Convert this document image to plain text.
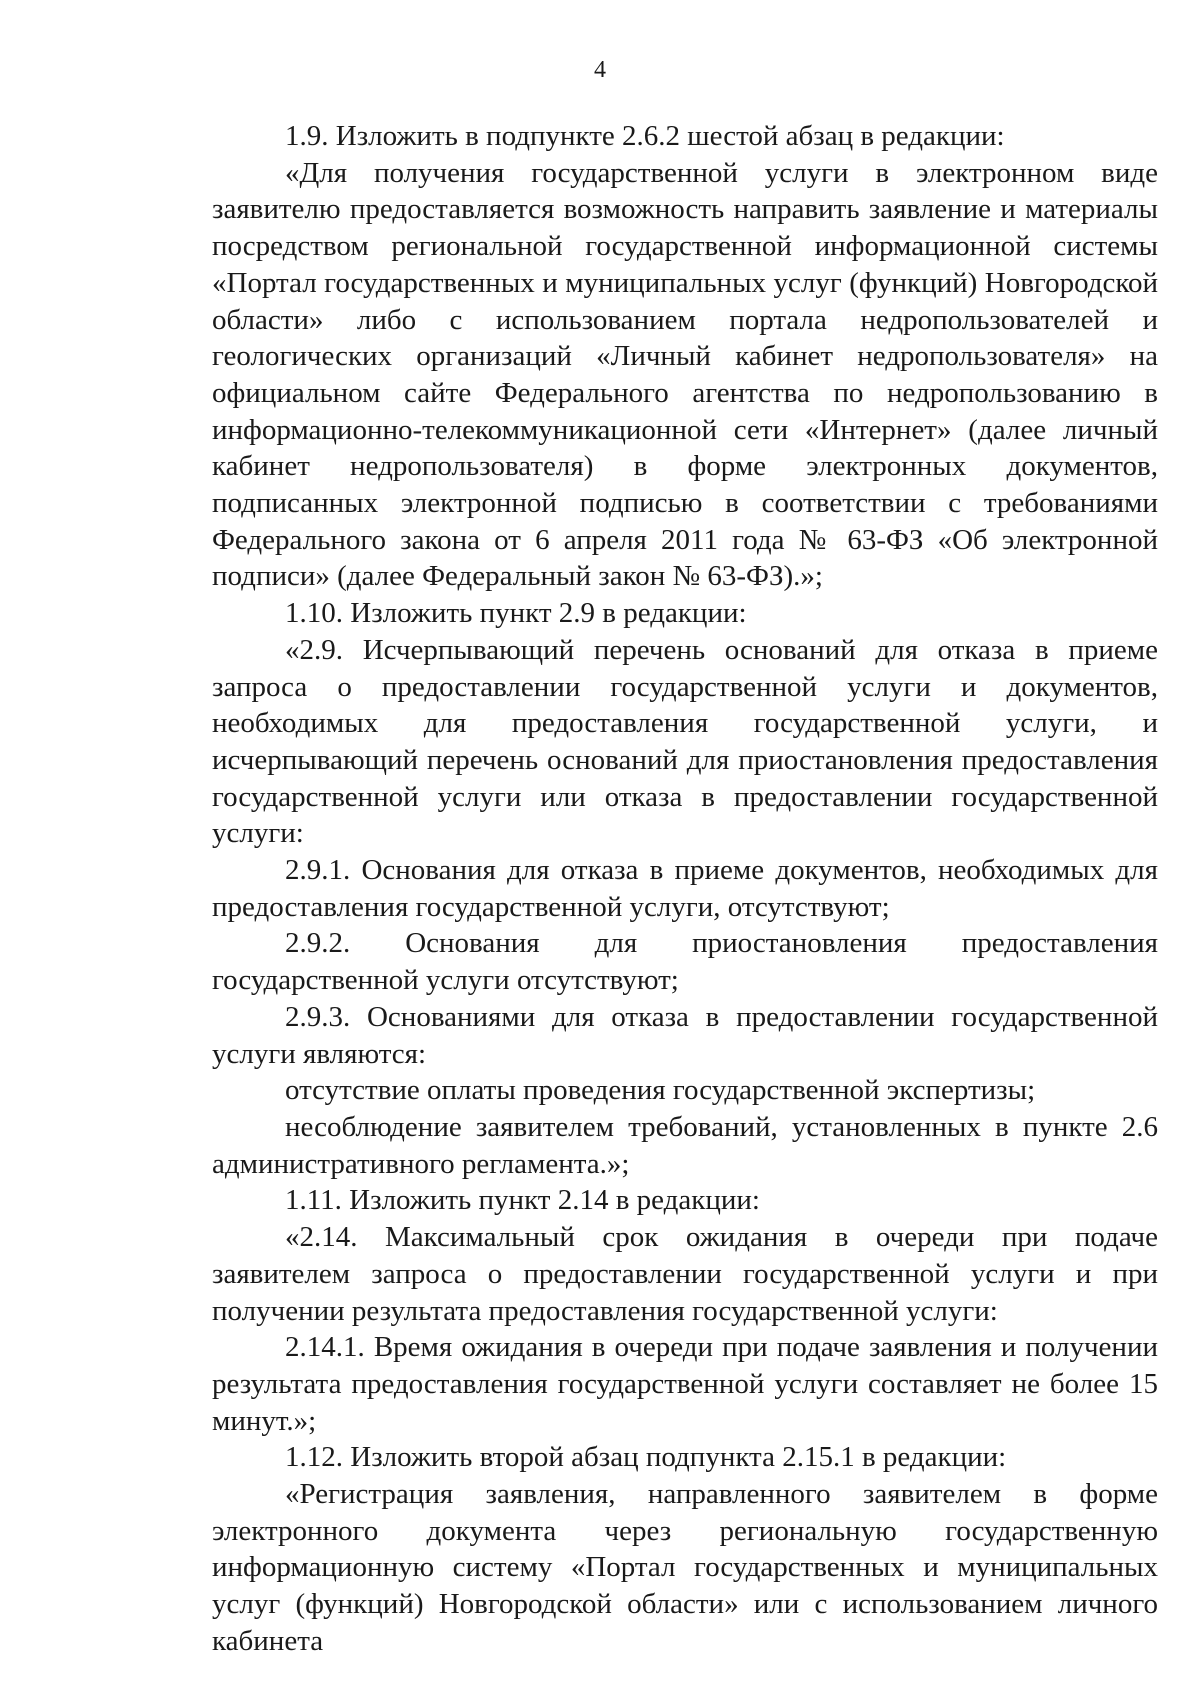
4

1.9. Изложить в подпункте 2.6.2 шестой абзац в редакции:

«Для получения государственной услуги в электронном виде заявителю предоставляется возможность направить заявление и материалы посредством региональной государственной информационной системы «Портал государственных и муниципальных услуг (функций) Новгородской области» либо с использованием портала недропользователей и геологических организаций «Личный кабинет недропользователя» на официальном сайте Федерального агентства по недропользованию в информационно-телекоммуникационной сети «Интернет» (далее личный кабинет недропользователя) в форме электронных документов, подписанных электронной подписью в соответствии с требованиями Федерального закона от 6 апреля 2011 года № 63-ФЗ «Об электронной подписи» (далее Федеральный закон № 63-ФЗ).»;

1.10. Изложить пункт 2.9 в редакции:

«2.9. Исчерпывающий перечень оснований для отказа в приеме запроса о предоставлении государственной услуги и документов, необходимых для предоставления государственной услуги, и исчерпывающий перечень оснований для приостановления предоставления государственной услуги или отказа в предоставлении государственной услуги:

2.9.1. Основания для отказа в приеме документов, необходимых для предоставления государственной услуги, отсутствуют;

2.9.2. Основания для приостановления предоставления государственной услуги отсутствуют;

2.9.3. Основаниями для отказа в предоставлении государственной услуги являются:

отсутствие оплаты проведения государственной экспертизы;

несоблюдение заявителем требований, установленных в пункте 2.6 административного регламента.»;

1.11. Изложить пункт 2.14 в редакции:

«2.14. Максимальный срок ожидания в очереди при подаче заявителем запроса о предоставлении государственной услуги и при получении результата предоставления государственной услуги:

2.14.1. Время ожидания в очереди при подаче заявления и получении результата предоставления государственной услуги составляет не более 15 минут.»;

1.12. Изложить второй абзац подпункта 2.15.1 в редакции:

«Регистрация заявления, направленного заявителем в форме электронного документа через региональную государственную информационную систему «Портал государственных и муниципальных услуг (функций) Новгородской области» или с использованием личного кабинета
